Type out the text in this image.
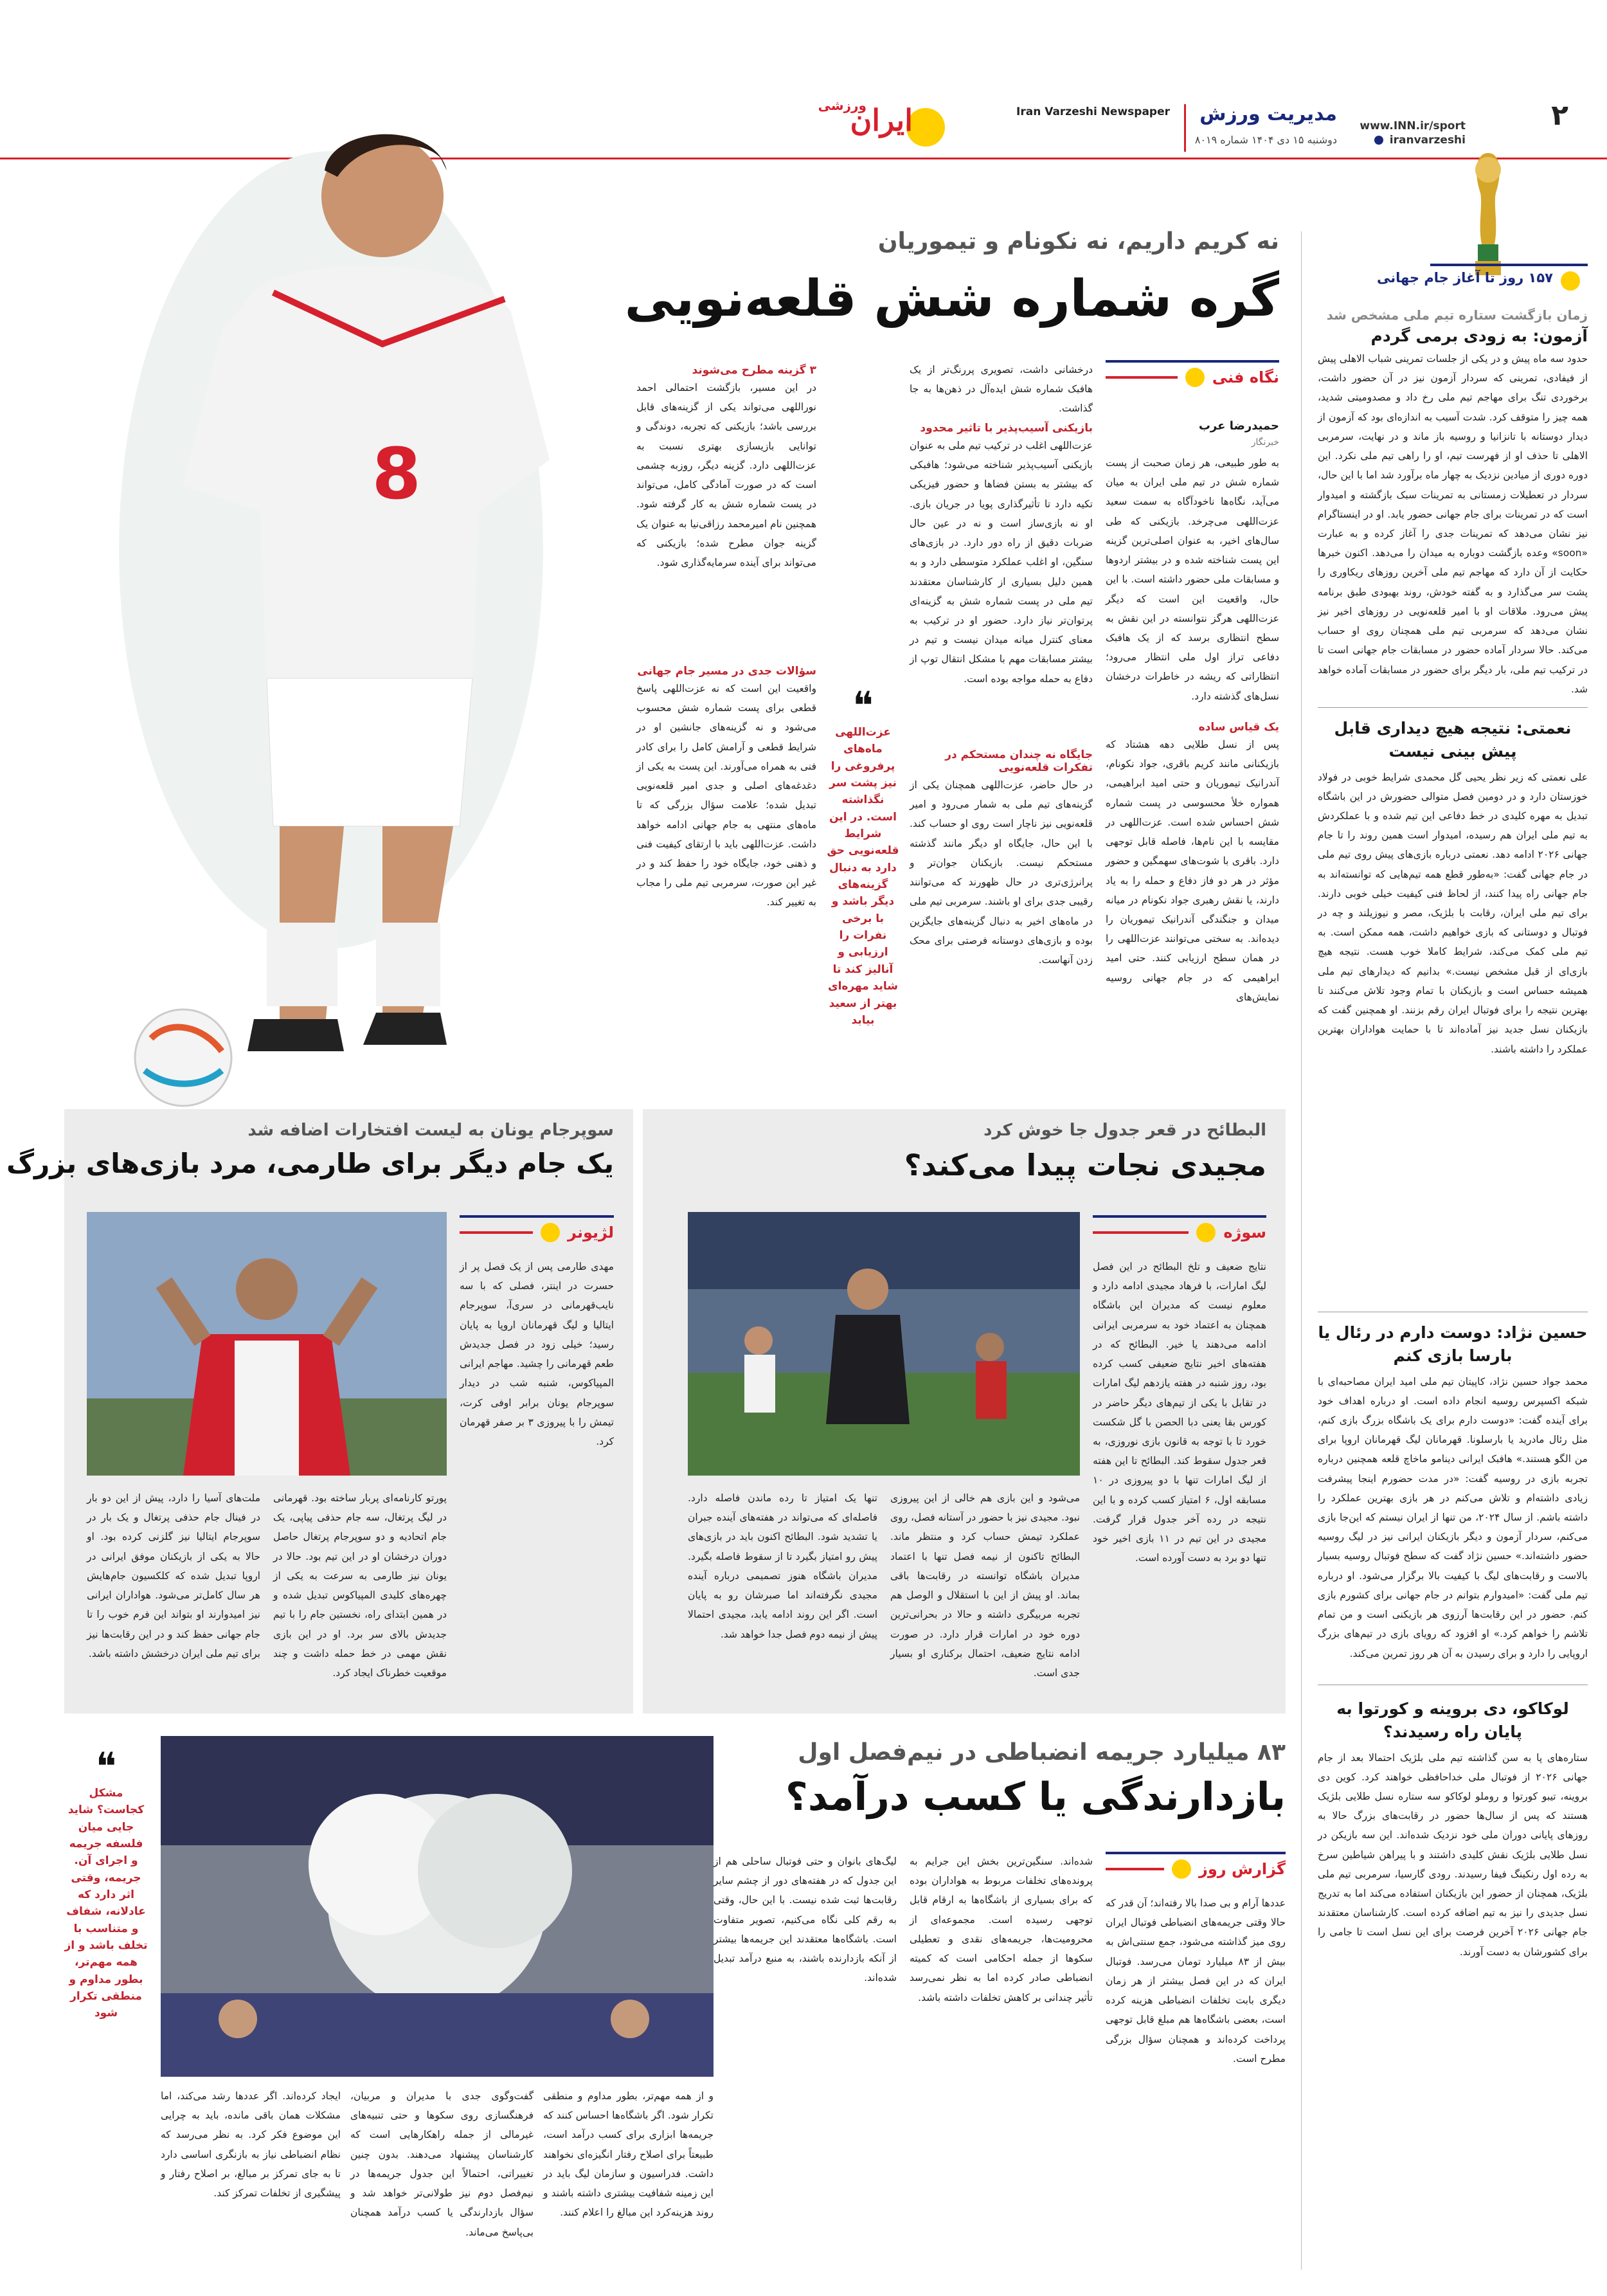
۲
www.INN.ir/sport
iranvarzeshi
مدیریت ورزش
دوشنبه ۱۵ دی ۱۴۰۴ شماره ۸۰۱۹
Iran Varzeshi Newspaper
ایران
ورزشی
۱۵۷ روز تا آغاز جام جهانی
زمان بازگشت ستاره تیم ملی مشخص شد
آزمون: به زودی برمی گردم
حدود سه ماه پیش و در یکی از جلسات تمرینی شباب الاهلی پیش از فیفادی، تمرینی که سردار آزمون نیز در آن حضور داشت، برخوردی تنگ برای مهاجم تیم ملی رخ داد و مصدومیتی شدید، همه چیز را متوقف کرد. شدت آسیب به اندازه‌ای بود که آزمون از دیدار دوستانه با تانزانیا و روسیه باز ماند و در نهایت، سرمربی الاهلی تا حذف او از فهرست تیم، او را راهی تیم ملی نکرد. این دوره دوری از میادین نزدیک به چهار ماه برآورد شد اما با این حال، سردار در تعطیلات زمستانی به تمرینات سبک بازگشته و امیدوار است که در تمرینات برای جام جهانی حضور یابد. او در اینستاگرام نیز نشان می‌دهد که تمرینات جدی را آغاز کرده و به عبارت «soon» وعده بازگشت دوباره به میدان را می‌دهد. اکنون خبرها حکایت از آن دارد که مهاجم تیم ملی آخرین روزهای ریکاوری را پشت سر می‌گذارد و به گفته خودش، روند بهبودی طبق برنامه پیش می‌رود. ملاقات او با امیر قلعه‌نویی در روزهای اخیر نیز نشان می‌دهد که سرمربی تیم ملی همچنان روی او حساب می‌کند. حالا سردار آماده حضور در مسابقات جام جهانی است تا در ترکیب تیم ملی، بار دیگر برای حضور در مسابقات آماده خواهد شد.
نعمتی: نتیجه هیچ دیداری قابل پیش بینی نیست
علی نعمتی که زیر نظر یحیی گل محمدی شرایط خوبی در فولاد خوزستان دارد و در دومین فصل متوالی حضورش در این باشگاه تبدیل به مهره کلیدی در خط دفاعی این تیم شده و با عملکردش به تیم ملی ایران هم رسیده، امیدوار است همین روند را تا جام جهانی ۲۰۲۶ ادامه دهد. نعمتی درباره بازی‌های پیش روی تیم ملی در جام جهانی گفت: «به‌طور قطع همه تیم‌هایی که توانسته‌اند به جام جهانی راه پیدا کنند، از لحاظ فنی کیفیت خیلی خوبی دارند. برای تیم ملی ایران، رقابت با بلژیک، مصر و نیوزیلند و چه در فوتبال و دوستانی که بازی خواهیم داشت، همه ممکن است. به تیم ملی کمک می‌کند، شرایط کاملا خوب هست. نتیجه هیچ بازی‌ای از قبل مشخص نیست.» بدانیم که دیدارهای تیم ملی همیشه حساس است و بازیکنان با تمام وجود تلاش می‌کنند تا بهترین نتیجه را برای فوتبال ایران رقم بزنند. او همچنین گفت که بازیکنان نسل جدید نیز آماده‌اند تا با حمایت هواداران بهترین عملکرد را داشته باشند.
حسین نژاد: دوست دارم در رئال یا بارسا بازی کنم
محمد جواد حسین نژاد، کاپیتان تیم ملی امید ایران مصاحبه‌ای با شبکه اکسپرس روسیه انجام داده است. او درباره اهداف خود برای آینده گفت: «دوست دارم برای یک باشگاه بزرگ بازی کنم، مثل رئال مادرید یا بارسلونا. قهرمانان لیگ قهرمانان اروپا برای من الگو هستند.» هافبک ایرانی دینامو ماخاچ قلعه همچنین درباره تجربه بازی در روسیه گفت: «در مدت حضورم اینجا پیشرفت زیادی داشته‌ام و تلاش می‌کنم در هر بازی بهترین عملکرد را داشته باشم. از سال ۲۰۲۴، من تنها از ایران نیستم که این‌جا بازی می‌کنم، سردار آزمون و دیگر بازیکنان ایرانی نیز در لیگ روسیه حضور داشته‌اند.» حسین نژاد گفت که سطح فوتبال روسیه بسیار بالاست و رقابت‌های لیگ با کیفیت بالا برگزار می‌شود. او درباره تیم ملی گفت: «امیدوارم بتوانم در جام جهانی برای کشورم بازی کنم. حضور در این رقابت‌ها آرزوی هر بازیکنی است و من تمام تلاشم را خواهم کرد.» او افزود که رویای بازی در تیم‌های بزرگ اروپایی را دارد و برای رسیدن به آن هر روز تمرین می‌کند.
لوکاکو، دی بروینه و کورتوا به پایان راه رسیدند؟
ستاره‌های پا به سن گذاشته تیم ملی بلژیک احتمالا بعد از جام جهانی ۲۰۲۶ از فوتبال ملی خداحافظی خواهند کرد. کوین دی بروینه، تیبو کورتوا و روملو لوکاکو سه ستاره نسل طلایی بلژیک هستند که پس از سال‌ها حضور در رقابت‌های بزرگ حالا به روزهای پایانی دوران ملی خود نزدیک شده‌اند. این سه بازیکن در نسل طلایی بلژیک نقش کلیدی داشتند و با پیراهن شیاطین سرخ به رده اول رنکینگ فیفا رسیدند. رودی گارسیا، سرمربی تیم ملی بلژیک، همچنان از حضور این بازیکنان استفاده می‌کند اما به تدریج نسل جدیدی را نیز به تیم اضافه کرده است. کارشناسان معتقدند جام جهانی ۲۰۲۶ آخرین فرصت برای این نسل است تا جامی را برای کشورشان به دست آورند.
8
نه کریم داریم، نه نکونام و تیموریان
گره شماره شش قلعه‌نویی
نگاه فنی
حمیدرضا عرب
خبرنگار
به طور طبیعی، هر زمان صحبت از پست شماره شش در تیم ملی ایران به میان می‌آید، نگاه‌ها ناخودآگاه به سمت سعید عزت‌اللهی می‌چرخد. بازیکنی که طی سال‌های اخیر، به عنوان اصلی‌ترین گزینه این پست شناخته شده و در بیشتر اردوها و مسابقات ملی حضور داشته است. با این حال، واقعیت این است که دیگر عزت‌اللهی هرگز نتوانسته در این نقش به سطح انتظاری برسد که از یک هافبک دفاعی تراز اول ملی انتظار می‌رود؛ انتظاراتی که ریشه در خاطرات درخشان نسل‌های گذشته دارد.
یک قیاس ساده
پس از نسل طلایی دهه هشتاد که بازیکنانی مانند کریم باقری، جواد نکونام، آندرانیک تیموریان و حتی امید ابراهیمی، همواره خلأ محسوسی در پست شماره شش احساس شده است. عزت‌اللهی در مقایسه با این نام‌ها، فاصله قابل توجهی دارد. باقری با شوت‌های سهمگین و حضور مؤثر در هر دو فاز دفاع و حمله را به یاد دارند، یا نقش رهبری جواد نکونام در میانه میدان و جنگندگی آندرانیک تیموریان را دیده‌اند. به سختی می‌توانند عزت‌اللهی را در همان سطح ارزیابی کنند. حتی امید ابراهیمی که در جام جهانی روسیه نمایش‌های
درخشانی داشت، تصویری پررنگ‌تر از یک هافبک شماره شش ایده‌آل در ذهن‌ها به جا گذاشت.
بازیکنی آسیب‌پذیر با تاثیر محدود
عزت‌اللهی اغلب در ترکیب تیم ملی به عنوان بازیکنی آسیب‌پذیر شناخته می‌شود؛ هافبکی که بیشتر به بستن فضاها و حضور فیزیکی تکیه دارد تا تأثیرگذاری پویا در جریان بازی. او نه بازی‌ساز است و نه در عین حال ضربات دقیق از راه دور دارد. در بازی‌های سنگین، او اغلب عملکرد متوسطی دارد و به همین دلیل بسیاری از کارشناسان معتقدند تیم ملی در پست شماره شش به گزینه‌ای پرتوان‌تر نیاز دارد. حضور او در ترکیب به معنای کنترل میانه میدان نیست و تیم در بیشتر مسابقات مهم با مشکل انتقال توپ از دفاع به حمله مواجه بوده است.
جایگاه نه چندان مستحکم در تفکرات قلعه‌نویی
در حال حاضر، عزت‌اللهی همچنان یکی از گزینه‌های تیم ملی به شمار می‌رود و امیر قلعه‌نویی نیز ناچار است روی او حساب کند. با این حال، جایگاه او دیگر مانند گذشته مستحکم نیست. بازیکنان جوان‌تر و پرانرژی‌تری در حال ظهورند که می‌توانند رقیبی جدی برای او باشند. سرمربی تیم ملی در ماه‌های اخیر به دنبال گزینه‌های جایگزین بوده و بازی‌های دوستانه فرصتی برای محک زدن آنهاست.
❝
عزت‌اللهی ماه‌های پرفروغی را نیز پشت سر نگذاشته است. در این شرایط قلعه‌نویی حق دارد به دنبال گزینه‌های دیگر باشد و با برخی نفرات را ارزیابی و آنالیز کند تا شاید مهره‌ای بهتر از سعید بیابد
۳ گزینه مطرح می‌شوند
در این مسیر، بازگشت احتمالی احمد نوراللهی می‌تواند یکی از گزینه‌های قابل بررسی باشد؛ بازیکنی که تجربه، دوندگی و توانایی بازیسازی بهتری نسبت به عزت‌اللهی دارد. گزینه دیگر، روزبه چشمی است که در صورت آمادگی کامل، می‌تواند در پست شماره شش به کار گرفته شود. همچنین نام امیرمحمد رزاقی‌نیا به عنوان یک گزینه جوان مطرح شده؛ بازیکنی که می‌تواند برای آینده سرمایه‌گذاری شود.
سؤالات جدی در مسیر جام جهانی
واقعیت این است که نه عزت‌اللهی پاسخ قطعی برای پست شماره شش محسوب می‌شود و نه گزینه‌های جانشین او در شرایط قطعی و آرامش کامل را برای کادر فنی به همراه می‌آورند. این پست به یکی از دغدغه‌های اصلی و جدی امیر قلعه‌نویی تبدیل شده؛ علامت سؤال بزرگی که تا ماه‌های منتهی به جام جهانی ادامه خواهد داشت. عزت‌اللهی باید با ارتقای کیفیت فنی و ذهنی خود، جایگاه خود را حفظ کند و در غیر این صورت، سرمربی تیم ملی را مجاب به تغییر کند.
البطائح در قعر جدول جا خوش کرد
مجیدی نجات پیدا می‌کند؟
سوژه
نتایج ضعیف و تلخ البطائح در این فصل لیگ امارات، با فرهاد مجیدی ادامه دارد و معلوم نیست که مدیران این باشگاه همچنان به اعتماد خود به سرمربی ایرانی ادامه می‌دهند یا خیر. البطائح که در هفته‌های اخیر نتایج ضعیفی کسب کرده بود، روز شنبه در هفته یازدهم لیگ امارات در تقابل با یکی از تیم‌های دیگر حاضر در کورس بقا یعنی دبا الحصن با گل شکست خورد تا با توجه به قانون بازی نوروزی، به قعر جدول سقوط کند. البطائح تا این هفته از لیگ امارات تنها با دو پیروزی در ۱۰ مسابقه اول، ۶ امتیاز کسب کرده و با این نتیجه در رده آخر جدول قرار گرفت. مجیدی در این تیم در ۱۱ بازی اخیر خود تنها دو برد به دست آورده است.
می‌شود و این بازی هم خالی از این پیروزی نبود. مجیدی نیز با حضور در آستانه فصل، روی عملکرد تیمش حساب کرد و منتظر ماند. البطائح تاکنون از نیمه فصل تنها با اعتماد مدیران باشگاه توانسته در رقابت‌ها باقی بماند. او پیش از این با استقلال و الوصل هم تجربه مربیگری داشته و حالا در بحرانی‌ترین دوره خود در امارات قرار دارد. در صورت ادامه نتایج ضعیف، احتمال برکناری او بسیار جدی است.
تنها یک امتیاز تا رده ماندن فاصله دارد. فاصله‌ای که می‌تواند در هفته‌های آینده جبران یا تشدید شود. البطائح اکنون باید در بازی‌های پیش رو امتیاز بگیرد تا از سقوط فاصله بگیرد. مدیران باشگاه هنوز تصمیمی درباره آینده مجیدی نگرفته‌اند اما صبرشان رو به پایان است. اگر این روند ادامه یابد، مجیدی احتمالا پیش از نیمه دوم فصل جدا خواهد شد.
سوپرجام یونان به لیست افتخارات اضافه شد
یک جام دیگر برای طارمی، مرد بازی‌های بزرگ
لژیونر
مهدی طارمی پس از یک فصل پر از حسرت در اینتر، فصلی که با سه نایب‌قهرمانی در سری‌آ، سوپرجام ایتالیا و لیگ قهرمانان اروپا به پایان رسید؛ خیلی زود در فصل جدیدش طعم قهرمانی را چشید. مهاجم ایرانی المپیاکوس، شنبه شب در دیدار سوپرجام یونان برابر اوفی کرت، تیمش را با پیروزی ۳ بر صفر قهرمان کرد.
پورتو کارنامه‌ای پربار ساخته بود. قهرمانی در لیگ پرتغال، سه جام حذفی پیاپی، یک جام اتحادیه و دو سوپرجام پرتغال حاصل دوران درخشان او در این تیم بود. حالا در یونان نیز طارمی به سرعت به یکی از چهره‌های کلیدی المپیاکوس تبدیل شده و در همین ابتدای راه، نخستین جام را با تیم جدیدش بالای سر برد. او در این بازی نقش مهمی در خط حمله داشت و چند موقعیت خطرناک ایجاد کرد.
ملت‌های آسیا را دارد، پیش از این دو بار در فینال جام حذفی پرتغال و یک بار در سوپرجام ایتالیا نیز گلزنی کرده بود. او حالا به یکی از بازیکنان موفق ایرانی در اروپا تبدیل شده که کلکسیون جام‌هایش هر سال کامل‌تر می‌شود. هواداران ایرانی نیز امیدوارند او بتواند این فرم خوب را تا جام جهانی حفظ کند و در این رقابت‌ها نیز برای تیم ملی ایران درخشش داشته باشد.
۸۳ میلیارد جریمه انضباطی در نیم‌فصل اول
بازدارندگی یا کسب درآمد؟
گزارش روز
عددها آرام و بی صدا بالا رفته‌اند؛ آن قدر که حالا وقتی جریمه‌های انضباطی فوتبال ایران روی میز گذاشته می‌شود، جمع سنتی‌اش به بیش از ۸۳ میلیارد تومان می‌رسد. فوتبال ایران که در این فصل بیشتر از هر زمان دیگری بابت تخلفات انضباطی هزینه کرده است، بعضی باشگاه‌ها هم مبلغ قابل توجهی پرداخت کرده‌اند و همچنان سؤال بزرگی مطرح است.
شده‌اند. سنگین‌ترین بخش این جرایم به پرونده‌های تخلفات مربوط به هواداران بوده که برای بسیاری از باشگاه‌ها به ارقام قابل توجهی رسیده است. مجموعه‌ای از محرومیت‌ها، جریمه‌های نقدی و تعطیلی سکوها از جمله احکامی است که کمیته انضباطی صادر کرده اما به نظر نمی‌رسد تأثیر چندانی بر کاهش تخلفات داشته باشد.
لیگ‌های بانوان و حتی فوتبال ساحلی هم از این جدول که در هفته‌های دور از چشم سایر رقابت‌ها ثبت شده نیست. با این حال، وقتی به رقم کلی نگاه می‌کنیم، تصویر متفاوت است. باشگاه‌ها معتقدند این جریمه‌ها بیشتر از آنکه بازدارنده باشند، به منبع درآمد تبدیل شده‌اند.
و از همه مهم‌تر، بطور مداوم و منطقی تکرار شود. اگر باشگاه‌ها احساس کنند که جریمه‌ها ابزاری برای کسب درآمد است، طبیعتاً برای اصلاح رفتار انگیزه‌ای نخواهند داشت. فدراسیون و سازمان لیگ باید در این زمینه شفافیت بیشتری داشته باشند و روند هزینه‌کرد این مبالغ را اعلام کنند.
گفت‌وگوی جدی با مدیران و مربیان، فرهنگسازی روی سکوها و حتی تنبیه‌های غیرمالی از جمله راهکارهایی است که کارشناسان پیشنهاد می‌دهند. بدون چنین تغییراتی، احتمالاً این جدول جریمه‌ها در نیم‌فصل دوم نیز طولانی‌تر خواهد شد و سؤال بازدارندگی یا کسب درآمد همچنان بی‌پاسخ می‌ماند.
ایجاد کرده‌اند. اگر عددها رشد می‌کند، اما مشکلات همان باقی مانده، باید به چرایی این موضوع فکر کرد. به نظر می‌رسد که نظام انضباطی نیاز به بازنگری اساسی دارد تا به جای تمرکز بر مبالغ، بر اصلاح رفتار و پیشگیری از تخلفات تمرکز کند.
❝
مشکل کجاست؟ شاید جایی میان فلسفه جریمه و اجرای آن. جریمه، وقتی اثر دارد که عادلانه، شفاف و متناسب با تخلف باشد و از همه مهم‌تر، بطور مداوم و منطقی تکرار شود
